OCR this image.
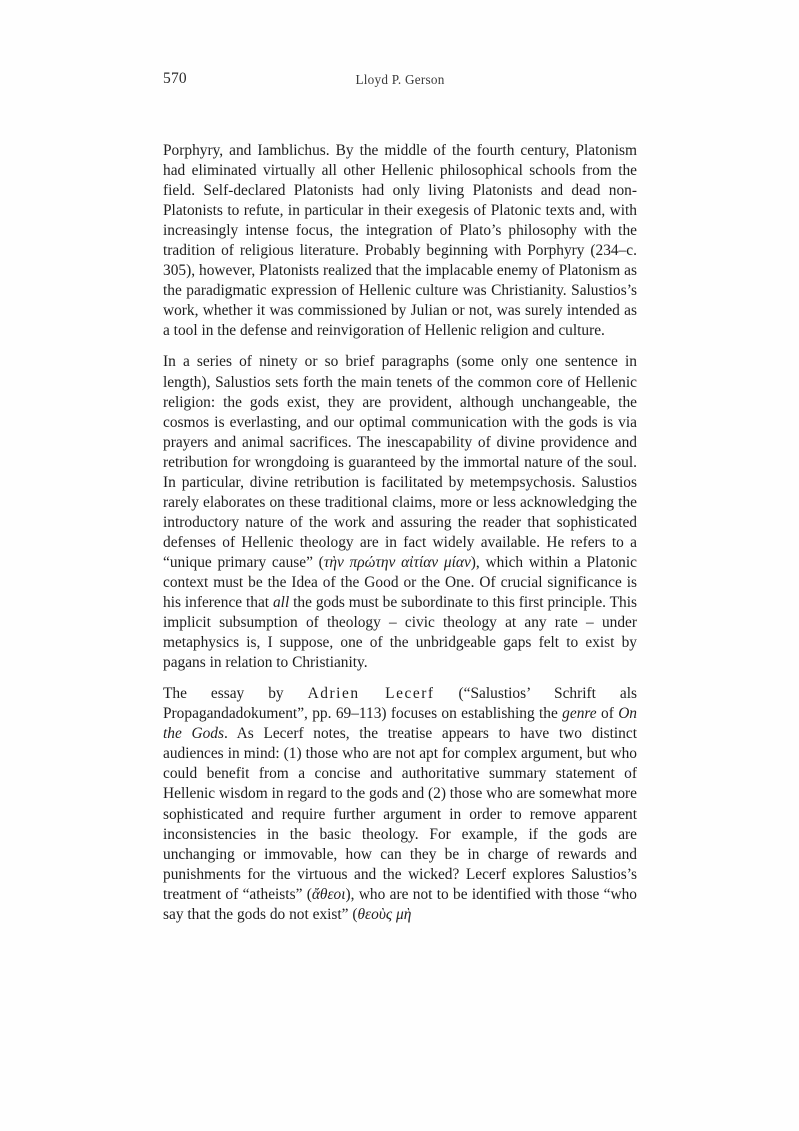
570	Lloyd P. Gerson

Porphyry, and Iamblichus. By the middle of the fourth century, Platonism had eliminated virtually all other Hellenic philosophical schools from the field. Self-declared Platonists had only living Platonists and dead non-Platonists to refute, in particular in their exegesis of Platonic texts and, with increasingly intense focus, the integration of Plato’s philosophy with the tradition of religious literature. Probably beginning with Porphyry (234–c. 305), however, Platonists realized that the implacable enemy of Platonism as the paradigmatic expression of Hellenic culture was Christianity. Salustios’s work, whether it was commissioned by Julian or not, was surely intended as a tool in the defense and reinvigoration of Hellenic religion and culture.

In a series of ninety or so brief paragraphs (some only one sentence in length), Salustios sets forth the main tenets of the common core of Hellenic religion: the gods exist, they are provident, although unchangeable, the cosmos is everlasting, and our optimal communication with the gods is via prayers and animal sacrifices. The inescapability of divine providence and retribution for wrongdoing is guaranteed by the immortal nature of the soul. In particular, divine retribution is facilitated by metempsychosis. Salustios rarely elaborates on these traditional claims, more or less acknowledging the introductory nature of the work and assuring the reader that sophisticated defenses of Hellenic theology are in fact widely available. He refers to a “unique primary cause” (τὴν πρώτην αἰτίαν μίαν), which within a Platonic context must be the Idea of the Good or the One. Of crucial significance is his inference that all the gods must be subordinate to this first principle. This implicit subsumption of theology – civic theology at any rate – under metaphysics is, I suppose, one of the unbridgeable gaps felt to exist by pagans in relation to Christianity.

The essay by Adrien Lecerf (“Salustios’ Schrift als Propagandadokument”, pp. 69–113) focuses on establishing the genre of On the Gods. As Lecerf notes, the treatise appears to have two distinct audiences in mind: (1) those who are not apt for complex argument, but who could benefit from a concise and authoritative summary statement of Hellenic wisdom in regard to the gods and (2) those who are somewhat more sophisticated and require further argument in order to remove apparent inconsistencies in the basic theology. For example, if the gods are unchanging or immovable, how can they be in charge of rewards and punishments for the virtuous and the wicked? Lecerf explores Salustios’s treatment of “atheists” (ἄθεοι), who are not to be identified with those “who say that the gods do not exist” (θεοὺς μὴ
